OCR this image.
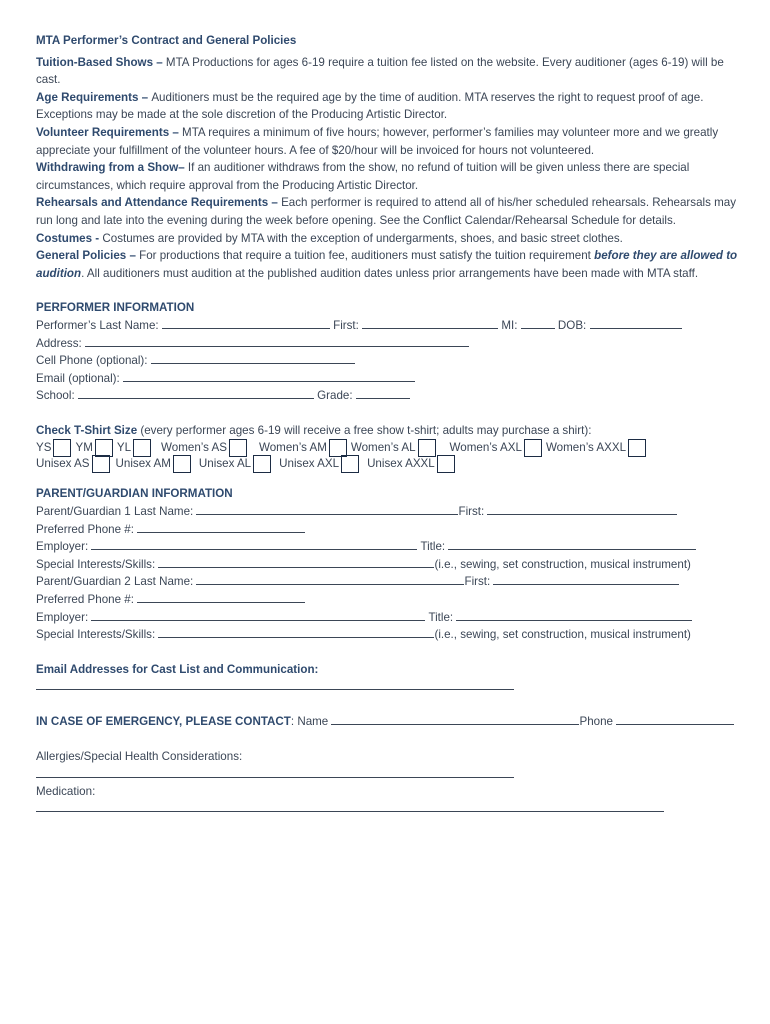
MTA Performer’s Contract and General Policies

Tuition-Based Shows – MTA Productions for ages 6-19 require a tuition fee listed on the website. Every auditioner (ages 6-19) will be cast.

Age Requirements – Auditioners must be the required age by the time of audition. MTA reserves the right to request proof of age. Exceptions may be made at the sole discretion of the Producing Artistic Director.

Volunteer Requirements – MTA requires a minimum of five hours; however, performer’s families may volunteer more and we greatly appreciate your fulfillment of the volunteer hours. A fee of $20/hour will be invoiced for hours not volunteered.

Withdrawing from a Show– If an auditioner withdraws from the show, no refund of tuition will be given unless there are special circumstances, which require approval from the Producing Artistic Director.

Rehearsals and Attendance Requirements – Each performer is required to attend all of his/her scheduled rehearsals. Rehearsals may run long and late into the evening during the week before opening. See the Conflict Calendar/Rehearsal Schedule for details.

Costumes - Costumes are provided by MTA with the exception of undergarments, shoes, and basic street clothes.

General Policies – For productions that require a tuition fee, auditioners must satisfy the tuition requirement before they are allowed to audition. All auditioners must audition at the published audition dates unless prior arrangements have been made with MTA staff.

PERFORMER INFORMATION
Performer’s Last Name:	First:	MI:	DOB:
Address:
Cell Phone (optional):
Email (optional):
School:	Grade:
Check T-Shirt Size (every performer ages 6-19 will receive a free show t-shirt; adults may purchase a shirt):
YS YM YL	Women’s AS	Women’s AM Women’s AL	Women’s AXL Women’s AXXL
Unisex AS Unisex AM Unisex AL Unisex AXL Unisex AXXL
PARENT/GUARDIAN INFORMATION
Parent/Guardian 1 Last Name:	First:
Preferred Phone #:
Employer:	Title:
Special Interests/Skills:	(i.e., sewing, set construction, musical instrument)
Parent/Guardian 2 Last Name:	First:
Preferred Phone #:
Employer:	Title:
Special Interests/Skills:	(i.e., sewing, set construction, musical instrument)
Email Addresses for Cast List and Communication:
IN CASE OF EMERGENCY, PLEASE CONTACT: Name	Phone
Allergies/Special Health Considerations:
Medication:
